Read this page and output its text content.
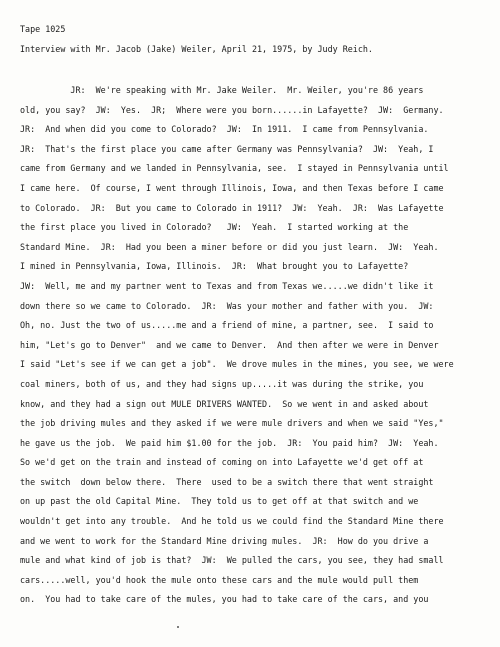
Tape 1025
Interview with Mr. Jacob (Jake) Weiler, April 21, 1975, by Judy Reich.
JR:  We're speaking with Mr. Jake Weiler.  Mr. Weiler, you're 86 years
old, you say?  JW:  Yes.  JR;  Where were you born......in Lafayette?  JW:  Germany.
JR:  And when did you come to Colorado?  JW:  In 1911.  I came from Pennsylvania.
JR:  That's the first place you came after Germany was Pennsylvania?  JW:  Yeah, I
came from Germany and we landed in Pennsylvania, see.  I stayed in Pennsylvania until
I came here.  Of course, I went through Illinois, Iowa, and then Texas before I came
to Colorado.  JR:  But you came to Colorado in 1911?  JW:  Yeah.  JR:  Was Lafayette
the first place you lived in Colorado?   JW:  Yeah.  I started working at the
Standard Mine.  JR:  Had you been a miner before or did you just learn.  JW:  Yeah.
I mined in Pennsylvania, Iowa, Illinois.  JR:  What brought you to Lafayette?
JW:  Well, me and my partner went to Texas and from Texas we.....we didn't like it
down there so we came to Colorado.  JR:  Was your mother and father with you.  JW:
Oh, no. Just the two of us.....me and a friend of mine, a partner, see.  I said to
him, "Let's go to Denver"  and we came to Denver.  And then after we were in Denver
I said "Let's see if we can get a job".  We drove mules in the mines, you see, we were
coal miners, both of us, and they had signs up.....it was during the strike, you
know, and they had a sign out MULE DRIVERS WANTED.  So we went in and asked about
the job driving mules and they asked if we were mule drivers and when we said "Yes,"
he gave us the job.  We paid him $1.00 for the job.  JR:  You paid him?  JW:  Yeah.
So we'd get on the train and instead of coming on into Lafayette we'd get off at
the switch  down below there.  There  used to be a switch there that went straight
on up past the old Capital Mine.  They told us to get off at that switch and we
wouldn't get into any trouble.  And he told us we could find the Standard Mine there
and we went to work for the Standard Mine driving mules.  JR:  How do you drive a
mule and what kind of job is that?  JW:  We pulled the cars, you see, they had small
cars.....well, you'd hook the mule onto these cars and the mule would pull them
on.  You had to take care of the mules, you had to take care of the cars, and you
